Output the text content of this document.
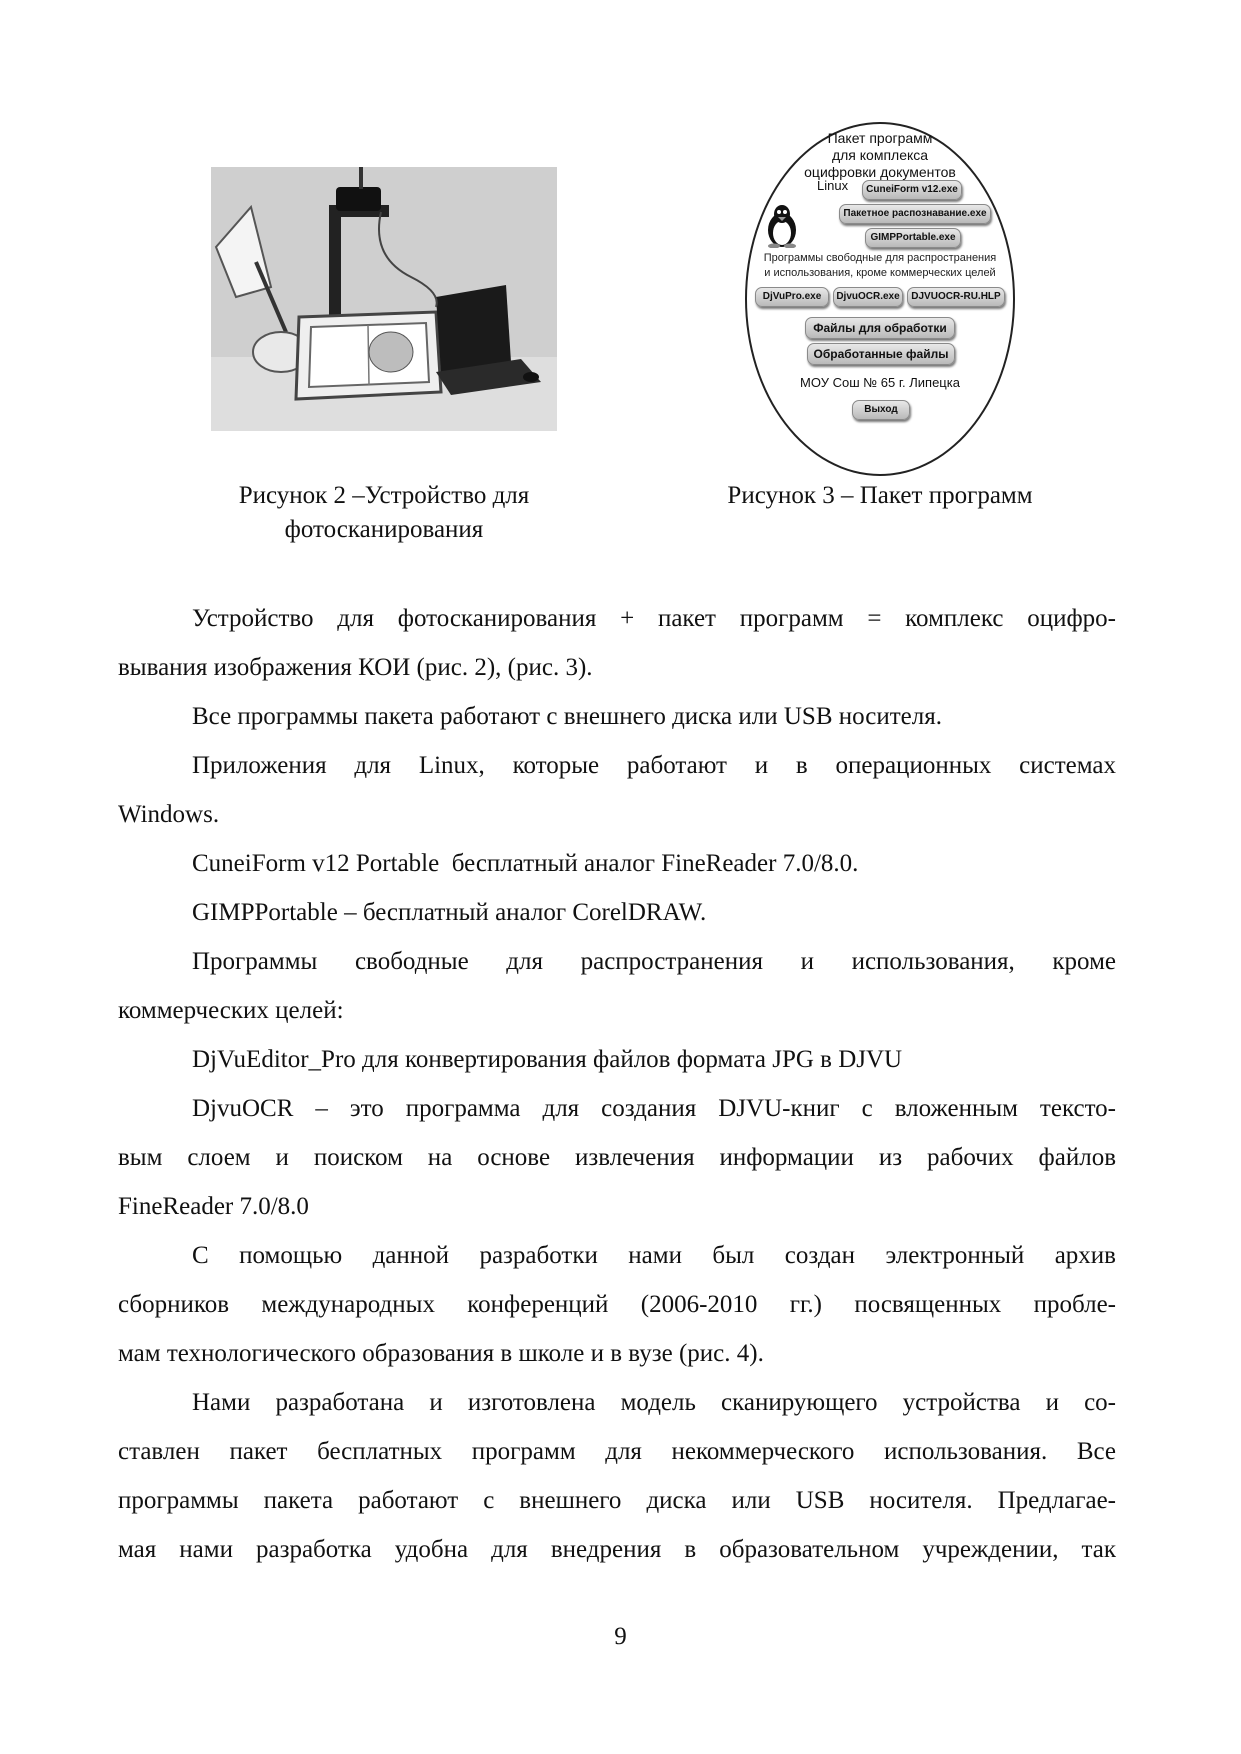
Пакет программ
для комплекса
оцифровки документов
Linux	CuneiForm v12.exe
Пакетное распознавание.exe
GIMPPortable.exe
Программы свободные для распространения
и использования, кроме коммерческих целей
DjVuPro.exe	DjvuOCR.exe	DJVUOCR-RU.HLP
Файлы для обработки
Обработанные файлы
МОУ Сош № 65 г. Липецка
Выход
Рисунок 2 –Устройство для
фотосканирования
Рисунок 3 – Пакет программ
Устройство для фотосканирования + пакет программ = комплекс оцифро-
вывания изображения КОИ (рис. 2), (рис. 3).
Все программы пакета работают с внешнего диска или USB носителя.
Приложения для Linux, которые работают и в операционных системах
Windows.
CuneiForm v12 Portable  бесплатный аналог FineReader 7.0/8.0.
GIMPPortable – бесплатный аналог CorelDRAW.
Программы свободные для распространения и использования, кроме
коммерческих целей:
DjVuEditor_Pro для конвертирования файлов формата JPG в DJVU
DjvuOCR – это программа для создания DJVU-книг с вложенным тексто-
вым слоем и поиском на основе извлечения информации из рабочих файлов
FineReader 7.0/8.0
С помощью данной разработки нами был создан электронный архив
сборников международных конференций (2006-2010 гг.) посвященных пробле-
мам технологического образования в школе и в вузе (рис. 4).
Нами разработана и изготовлена модель сканирующего устройства и со-
ставлен пакет бесплатных программ для некоммерческого использования. Все
программы пакета работают с внешнего диска или USB носителя. Предлагае-
мая нами разработка удобна для внедрения в образовательном учреждении, так
9
